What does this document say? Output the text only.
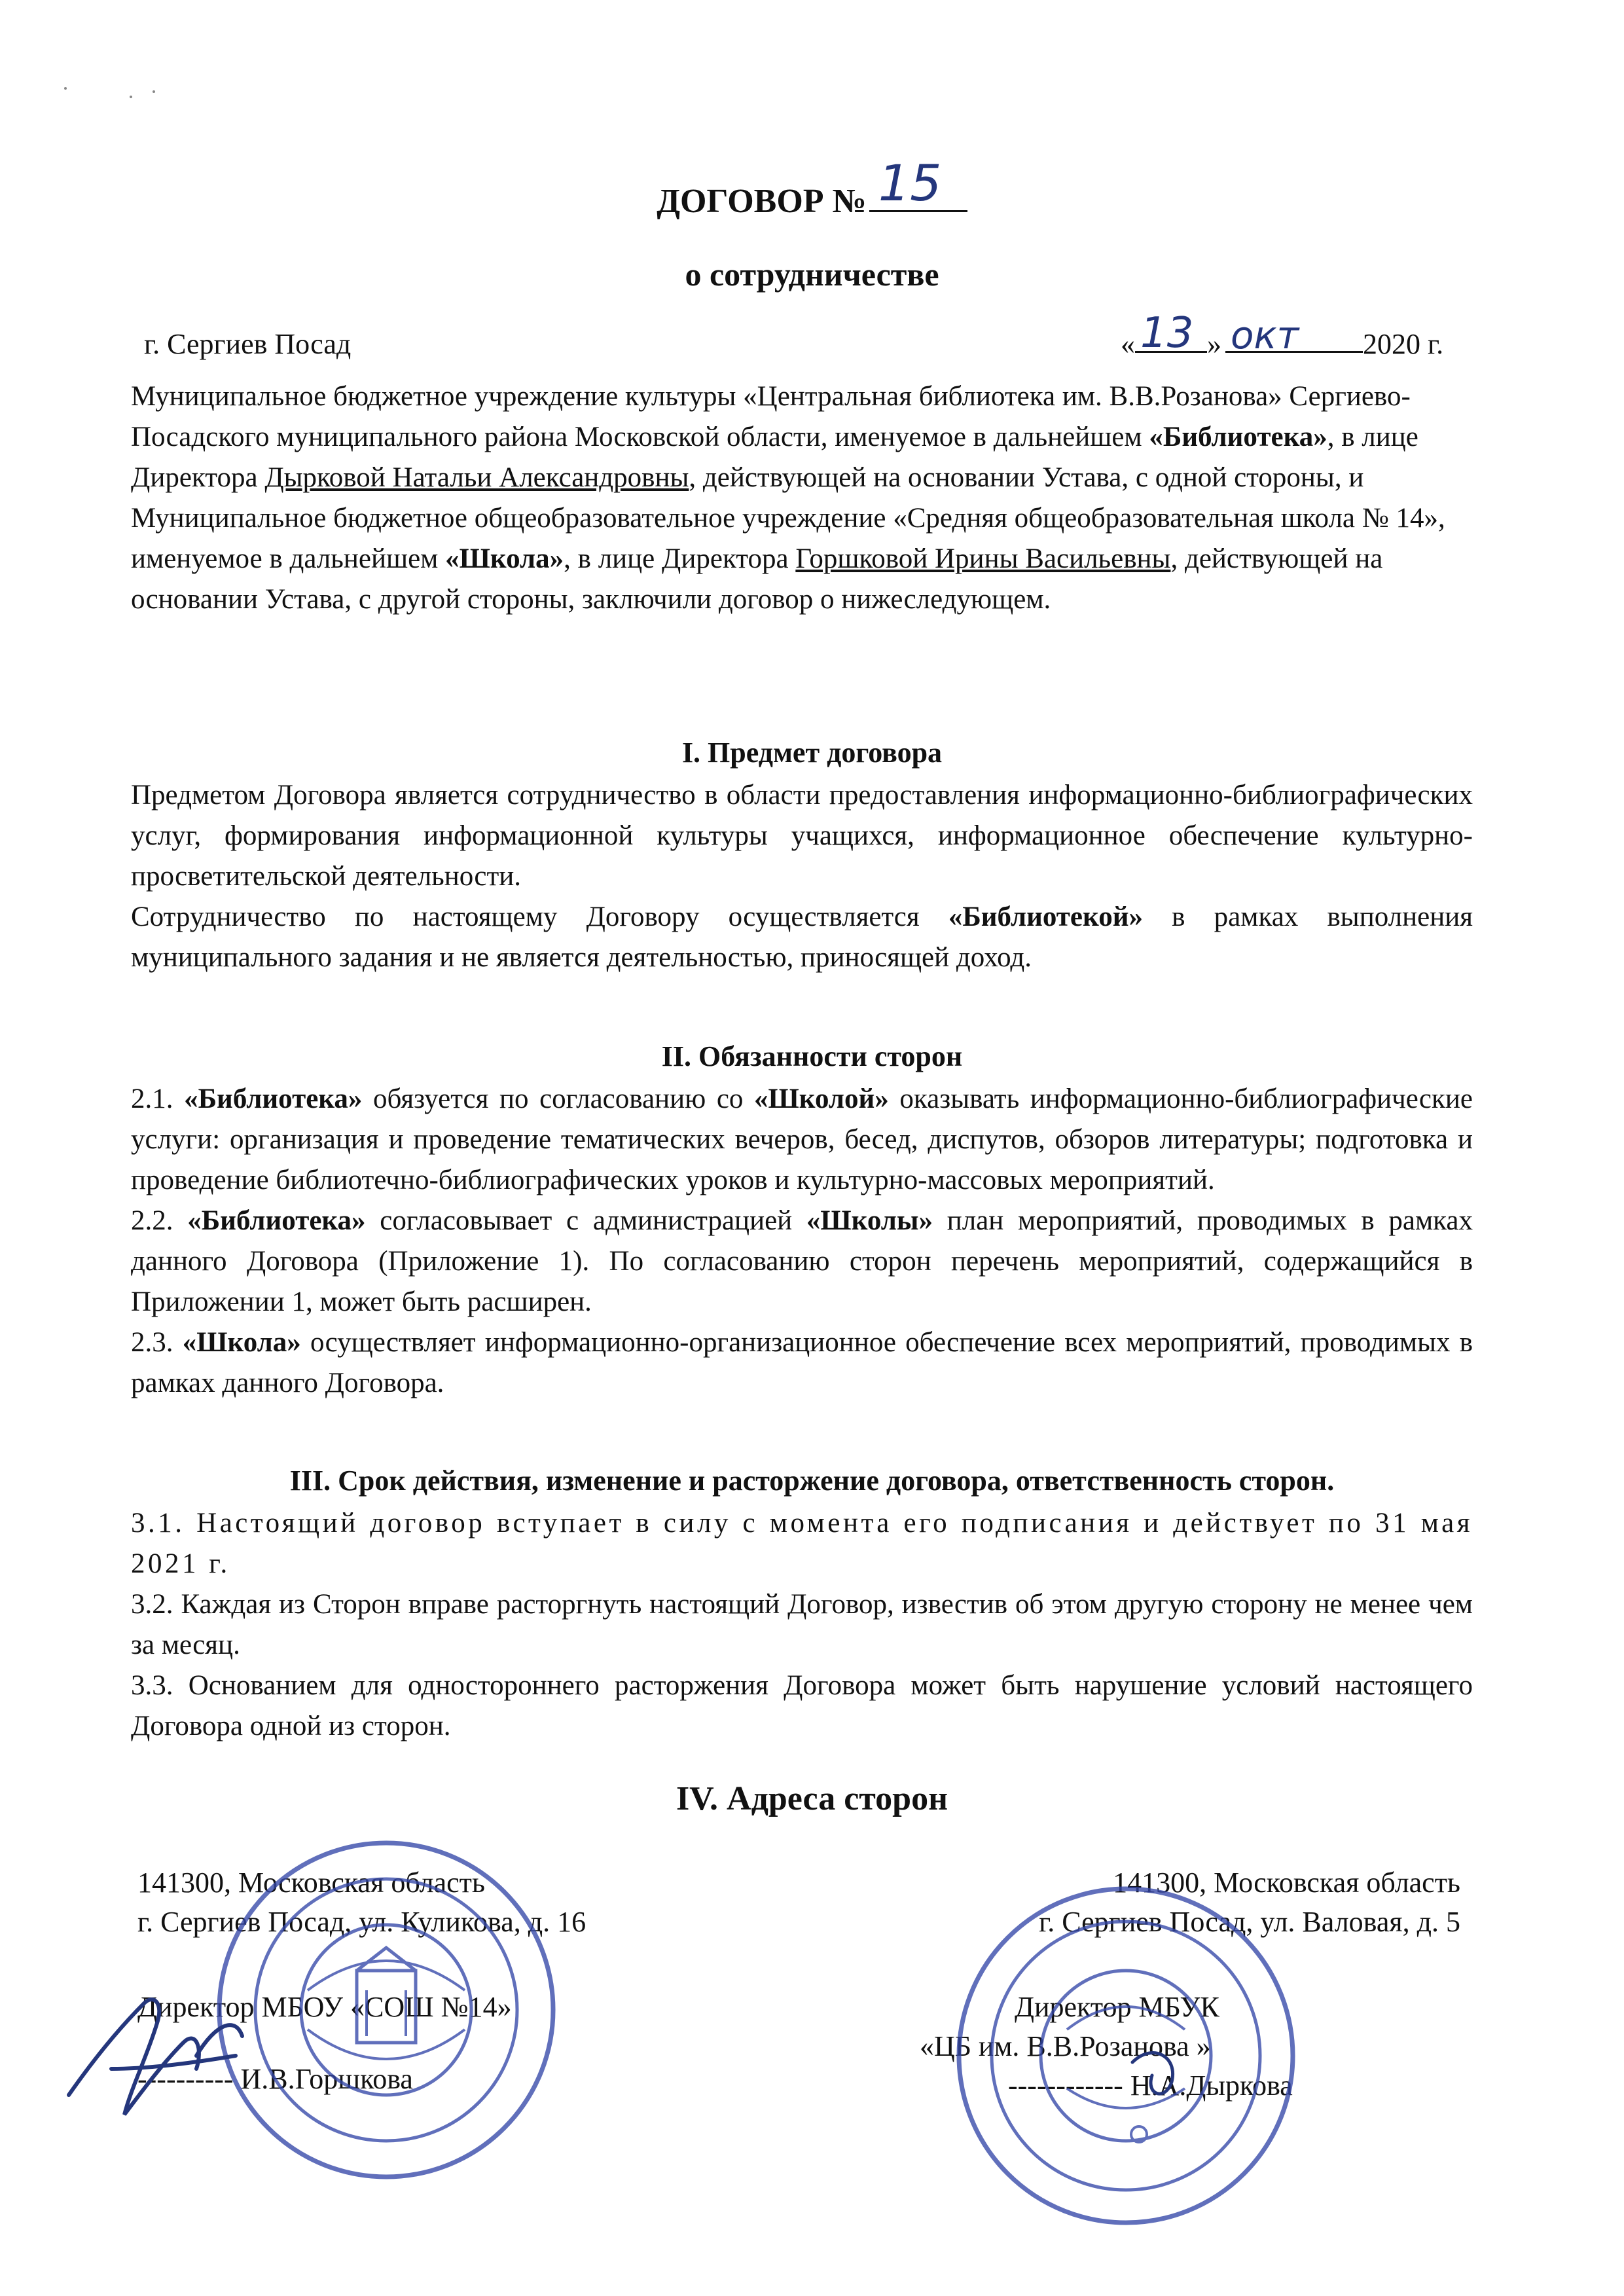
ДОГОВОР № 15
о сотрудничестве
г. Сергиев Посад	« 13 » окт 2020 г.
Муниципальное бюджетное учреждение культуры «Центральная библиотека им. В.В.Розанова» Сергиево-Посадского муниципального района Московской области, именуемое в дальнейшем «Библиотека», в лице Директора Дырковой Натальи Александровны, действующей на основании Устава, с одной стороны, и Муниципальное бюджетное общеобразовательное учреждение «Средняя общеобразовательная школа № 14», именуемое в дальнейшем «Школа», в лице Директора Горшковой Ирины Васильевны, действующей на основании Устава, с другой стороны, заключили договор о нижеследующем.
I. Предмет договора

Предметом Договора является сотрудничество в области предоставления информационно-библиографических услуг, формирования информационной культуры учащихся, информационное обеспечение культурно-просветительской деятельности.

Сотрудничество по настоящему Договору осуществляется «Библиотекой» в рамках выполнения муниципального задания и не является деятельностью, приносящей доход.

II. Обязанности сторон

2.1. «Библиотека» обязуется по согласованию со «Школой» оказывать информационно-библиографические услуги: организация и проведение тематических вечеров, бесед, диспутов, обзоров литературы; подготовка и проведение библиотечно-библиографических уроков и культурно-массовых мероприятий.

2.2. «Библиотека» согласовывает с администрацией «Школы» план мероприятий, проводимых в рамках данного Договора (Приложение 1). По согласованию сторон перечень мероприятий, содержащийся в Приложении 1, может быть расширен.

2.3. «Школа» осуществляет информационно-организационное обеспечение всех мероприятий, проводимых в рамках данного Договора.

III. Срок действия, изменение и расторжение договора, ответственность сторон.

3.1. Настоящий договор вступает в силу с момента его подписания и действует по 31 мая 2021 г.

3.2. Каждая из Сторон вправе расторгнуть настоящий Договор, известив об этом другую сторону не менее чем за месяц.

3.3. Основанием для одностороннего расторжения Договора может быть нарушение условий настоящего Договора одной из сторон.

IV. Адреса сторон
141300, Московская область
г. Сергиев Посад, ул. Куликова, д. 16
141300, Московская область
г. Сергиев Посад, ул. Валовая, д. 5
Директор МБОУ «СОШ №14»
---------- И.В.Горшкова
Директор МБУК
«ЦБ им. В.В.Розанова »
------------ Н.А.Дыркова
